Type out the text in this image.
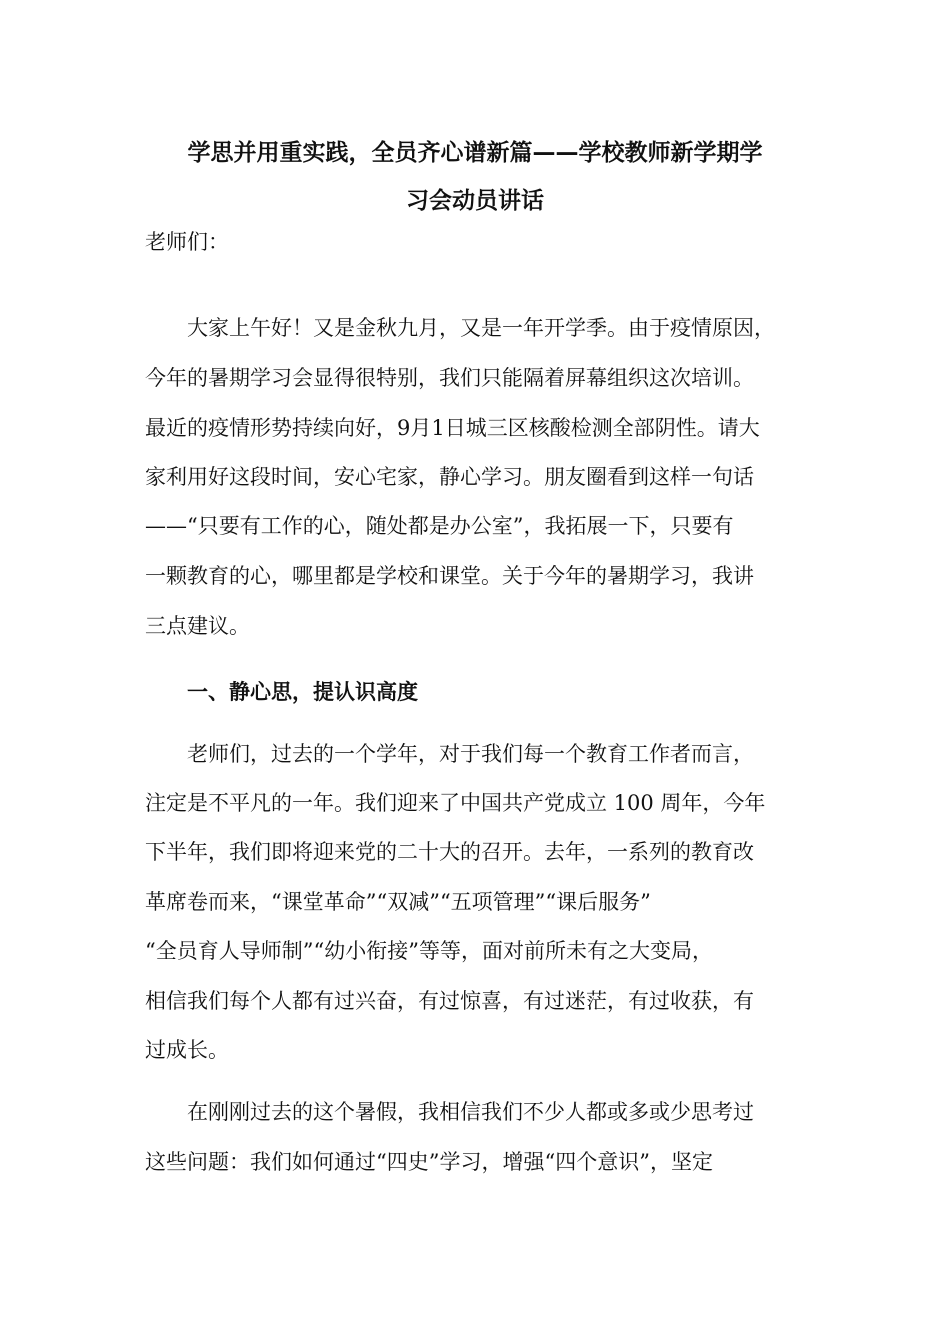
学思并用重实践，全员齐心谱新篇——学校教师新学期学
习会动员讲话
老师们：
大家上午好！又是金秋九月，又是一年开学季。由于疫情原因，
今年的暑期学习会显得很特别，我们只能隔着屏幕组织这次培训。
最近的疫情形势持续向好，9月1日城三区核酸检测全部阴性。请大
家利用好这段时间，安心宅家，静心学习。朋友圈看到这样一句话
——“只要有工作的心，随处都是办公室”，我拓展一下，只要有
一颗教育的心，哪里都是学校和课堂。关于今年的暑期学习，我讲
三点建议。
一、静心思，提认识高度
老师们，过去的一个学年，对于我们每一个教育工作者而言，
注定是不平凡的一年。我们迎来了中国共产党成立 100 周年，今年
下半年，我们即将迎来党的二十大的召开。去年，一系列的教育改
革席卷而来，“课堂革命”“双减”“五项管理”“课后服务”
“全员育人导师制”“幼小衔接”等等，面对前所未有之大变局，
相信我们每个人都有过兴奋，有过惊喜，有过迷茫，有过收获，有
过成长。
在刚刚过去的这个暑假，我相信我们不少人都或多或少思考过
这些问题：我们如何通过“四史”学习，增强“四个意识”，坚定
